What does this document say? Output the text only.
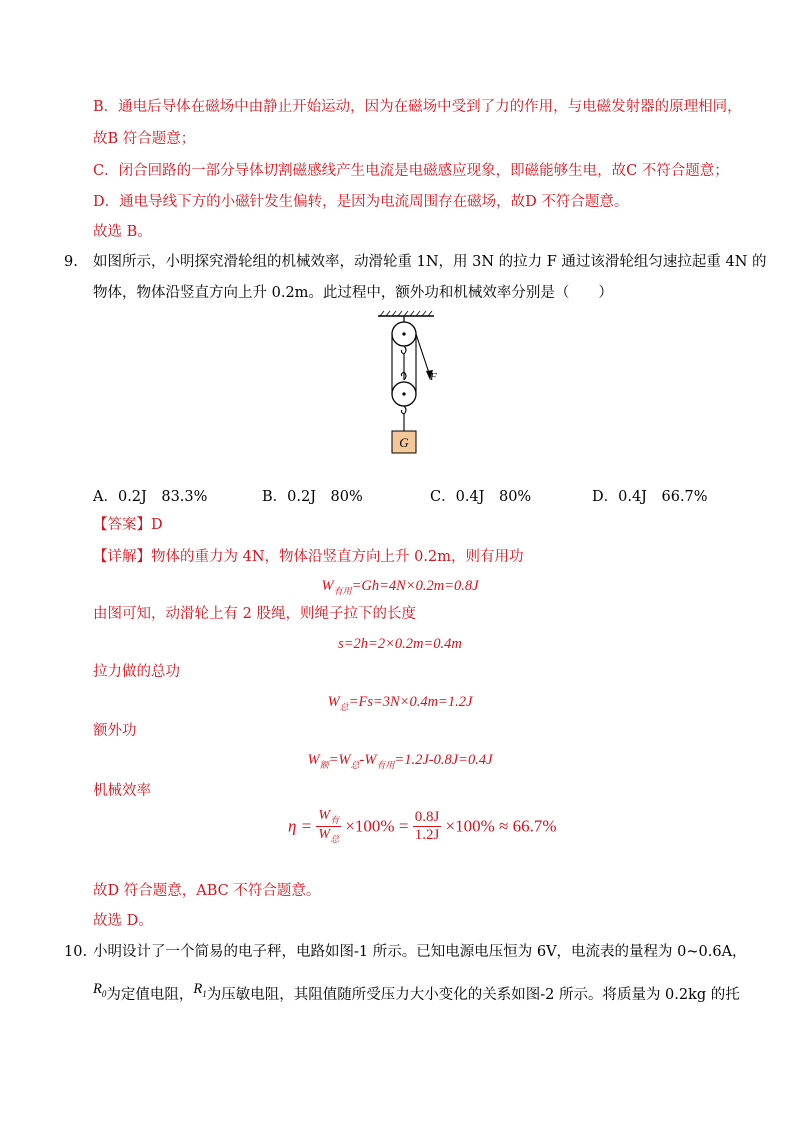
B．通电后导体在磁场中由静止开始运动，因为在磁场中受到了力的作用，与电磁发射器的原理相同，
故B 符合题意；
C．闭合回路的一部分导体切割磁感线产生电流是电磁感应现象，即磁能够生电，故C 不符合题意；
D．通电导线下方的小磁针发生偏转，是因为电流周围存在磁场，故D 不符合题意。
故选 B。
9. 如图所示，小明探究滑轮组的机械效率，动滑轮重 1N，用 3N 的拉力 F 通过该滑轮组匀速拉起重 4N 的
物体，物体沿竖直方向上升 0.2m。此过程中，额外功和机械效率分别是（　　）
G
F
A．0.2J　83.3%	B．0.2J　80%	C．0.4J　80%	D．0.4J　66.7%
【答案】D
【详解】物体的重力为 4N，物体沿竖直方向上升 0.2m，则有用功
$W_{有用}=Gh=4N\times 0.2m=0.8J$
由图可知，动滑轮上有 2 股绳，则绳子拉下的长度
s=2h=2×0.2m=0.4m
拉力做的总功
$W_总=Fs=3N\times 0.4m=1.2J$
额外功
$W_额=W_总-W_{有用}=1.2J-0.8J=0.4J$
机械效率
$\eta = \frac{W_有}{W_总} \times 100\% = \frac{0.8J}{1.2J} \times 100\% \approx 66.7\%$
故D 符合题意，ABC 不符合题意。
故选 D。
10. 小明设计了一个简易的电子秤，电路如图-1 所示。已知电源电压恒为 6V，电流表的量程为 0~0.6A，
$R_0$为定值电阻，$R_1$为压敏电阻，其阻值随所受压力大小变化的关系如图-2 所示。将质量为 0.2kg 的托
